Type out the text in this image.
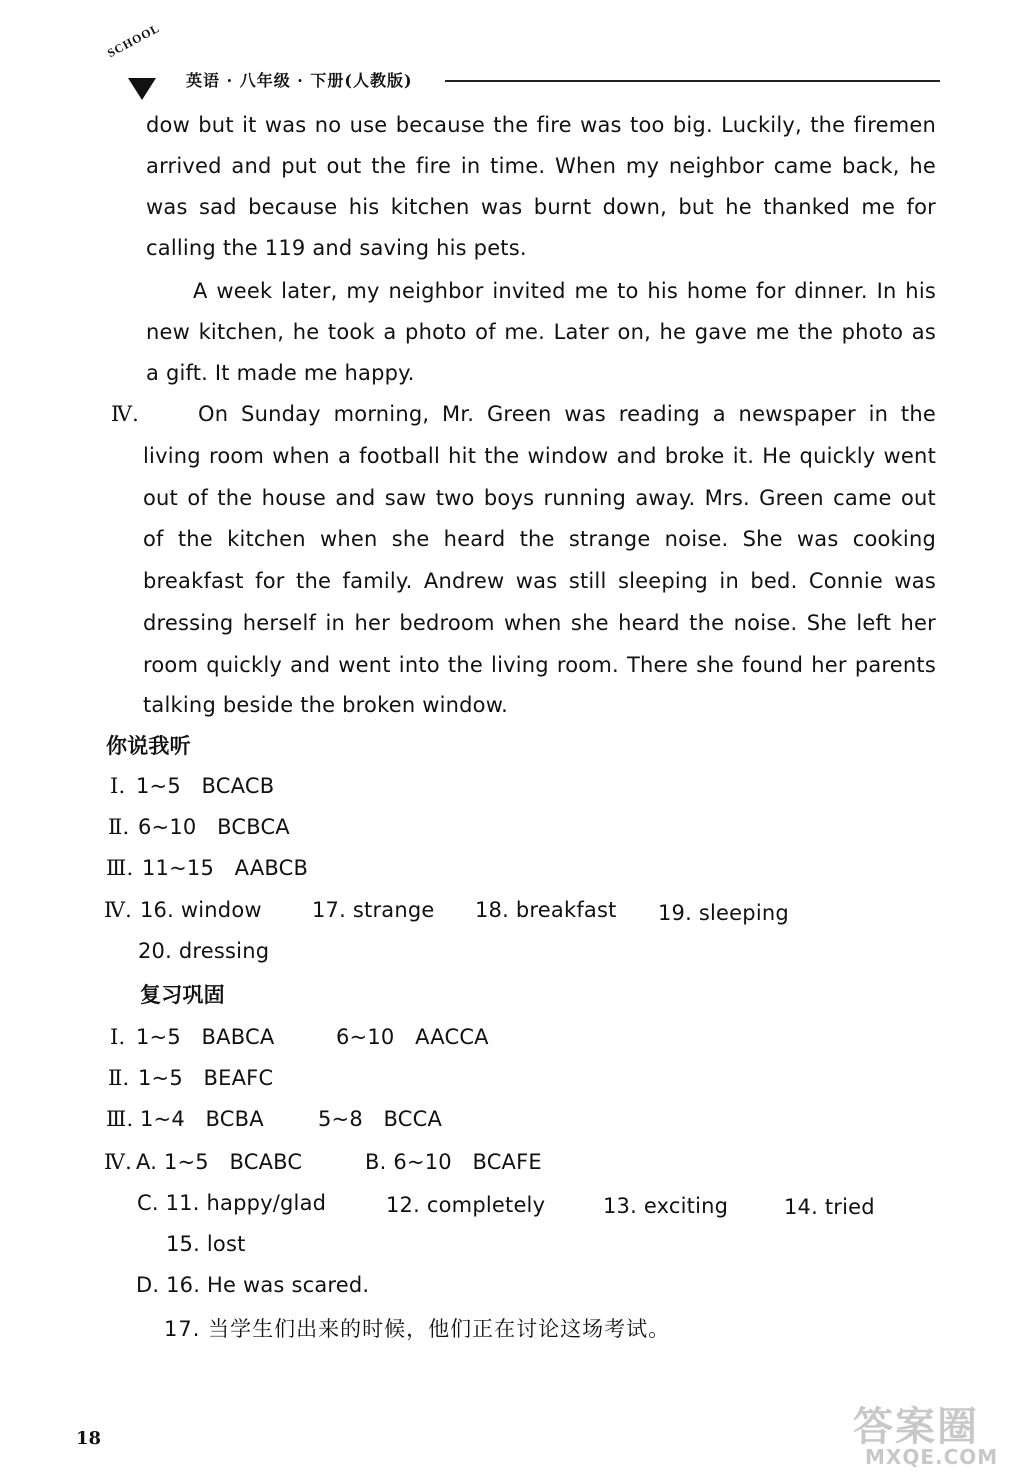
SCHOOL
英语 · 八年级 · 下册(人教版)
dow but it was no use because the fire was too big. Luckily, the firemen
arrived and put out the fire in time. When my neighbor came back, he
was sad because his kitchen was burnt down, but he thanked me for
calling the 119 and saving his pets.
A week later, my neighbor invited me to his home for dinner. In his
new kitchen, he took a photo of me. Later on, he gave me the photo as
a gift. It made me happy.
Ⅳ.	On Sunday morning, Mr. Green was reading a newspaper in the
living room when a football hit the window and broke it. He quickly went
out of the house and saw two boys running away. Mrs. Green came out
of the kitchen when she heard the strange noise. She was cooking
breakfast for the family. Andrew was still sleeping in bed. Connie was
dressing herself in her bedroom when she heard the noise. She left her
room quickly and went into the living room. There she found her parents
talking beside the broken window.
你说我听
Ⅰ. 1~5   BCACB
Ⅱ. 6~10   BCBCA
Ⅲ. 11~15   AABCB
Ⅳ. 16. window 17. strange 18. breakfast 19. sleeping
20. dressing
复习巩固
Ⅰ. 1~5   BABCA	6~10   AACCA
Ⅱ. 1~5   BEAFC
Ⅲ. 1~4   BCBA	5~8   BCCA
Ⅳ. A. 1~5   BCABC	B. 6~10   BCAFE
C. 11. happy/glad	12. completely	13. exciting	14. tried
15. lost
D. 16. He was scared.
17. 当学生们出来的时候，他们正在讨论这场考试。
18	答案圈
MXQE.COM
